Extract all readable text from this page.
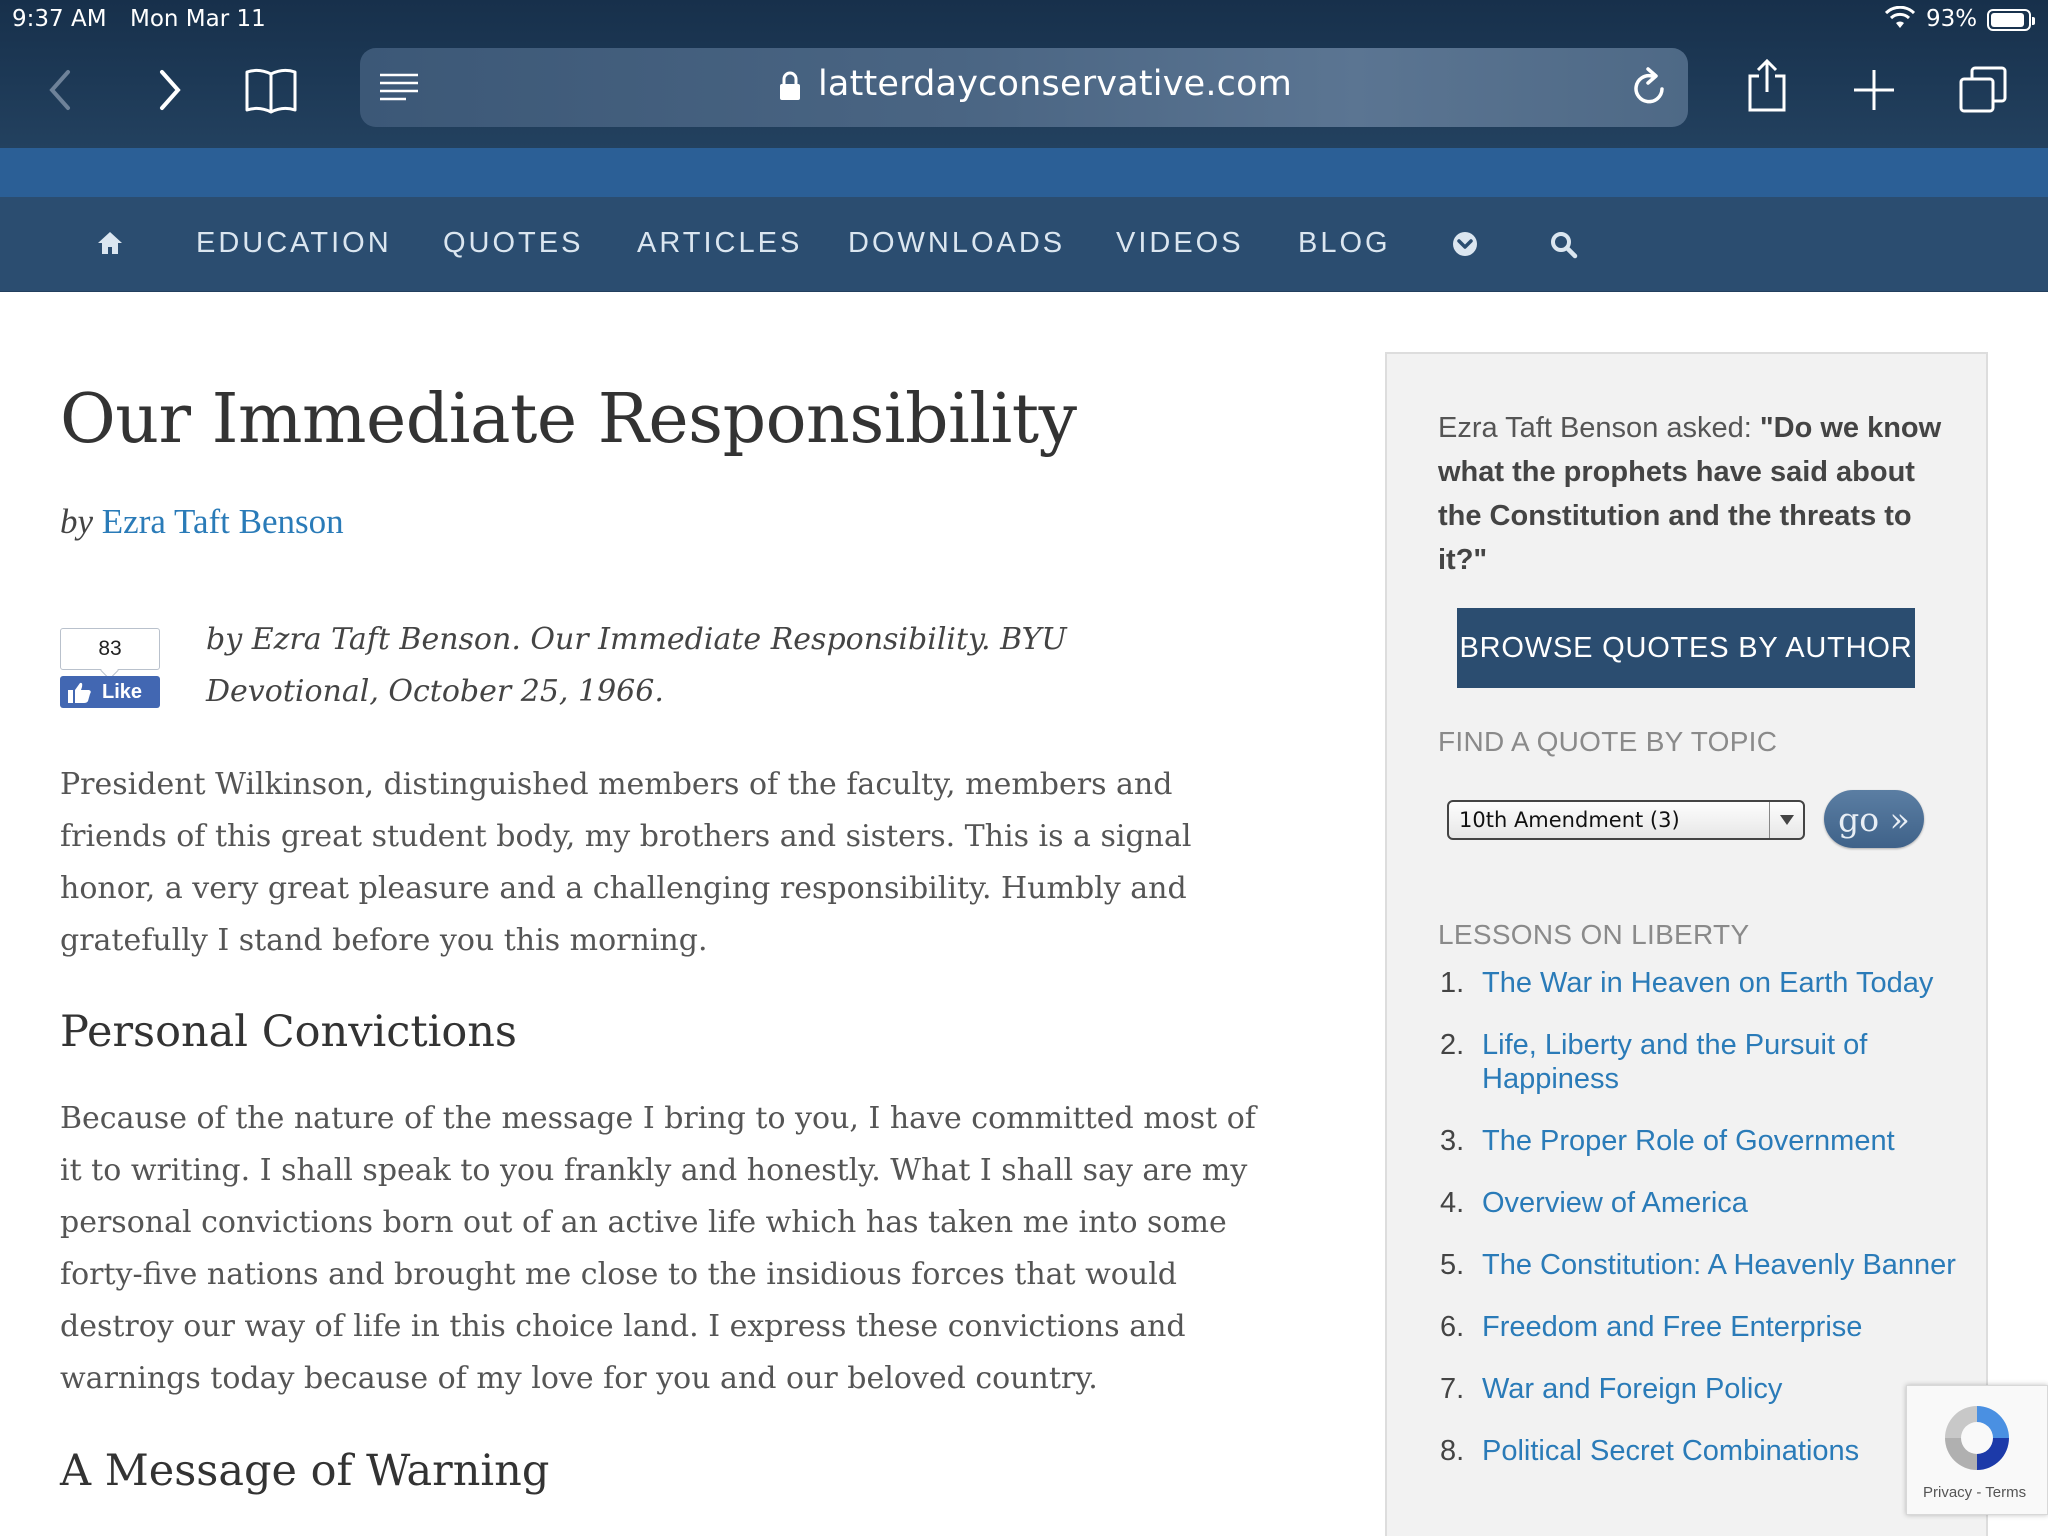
9:37 AM Mon Mar 11	93%
latterdayconservative.com
EDUCATION QUOTES ARTICLES DOWNLOADS VIDEOS BLOG
Our Immediate Responsibility
by Ezra Taft Benson
83
Like

by Ezra Taft Benson. Our Immediate Responsibility. BYU Devotional, October 25, 1966.

President Wilkinson, distinguished members of the faculty, members and friends of this great student body, my brothers and sisters. This is a signal honor, a very great pleasure and a challenging responsibility. Humbly and gratefully I stand before you this morning.

Personal Convictions

Because of the nature of the message I bring to you, I have committed most of it to writing. I shall speak to you frankly and honestly. What I shall say are my personal convictions born out of an active life which has taken me into some forty-five nations and brought me close to the insidious forces that would destroy our way of life in this choice land. I express these convictions and warnings today because of my love for you and our beloved country.

A Message of Warning

Ezra Taft Benson asked: "Do we know what the prophets have said about the Constitution and the threats to it?"

BROWSE QUOTES BY AUTHOR
FIND A QUOTE BY TOPIC
10th Amendment (3)	go »
LESSONS ON LIBERTY
1. The War in Heaven on Earth Today
2. Life, Liberty and the Pursuit of Happiness
3. The Proper Role of Government
4. Overview of America
5. The Constitution: A Heavenly Banner
6. Freedom and Free Enterprise
7. War and Foreign Policy
8. Political Secret Combinations
Privacy - Terms
